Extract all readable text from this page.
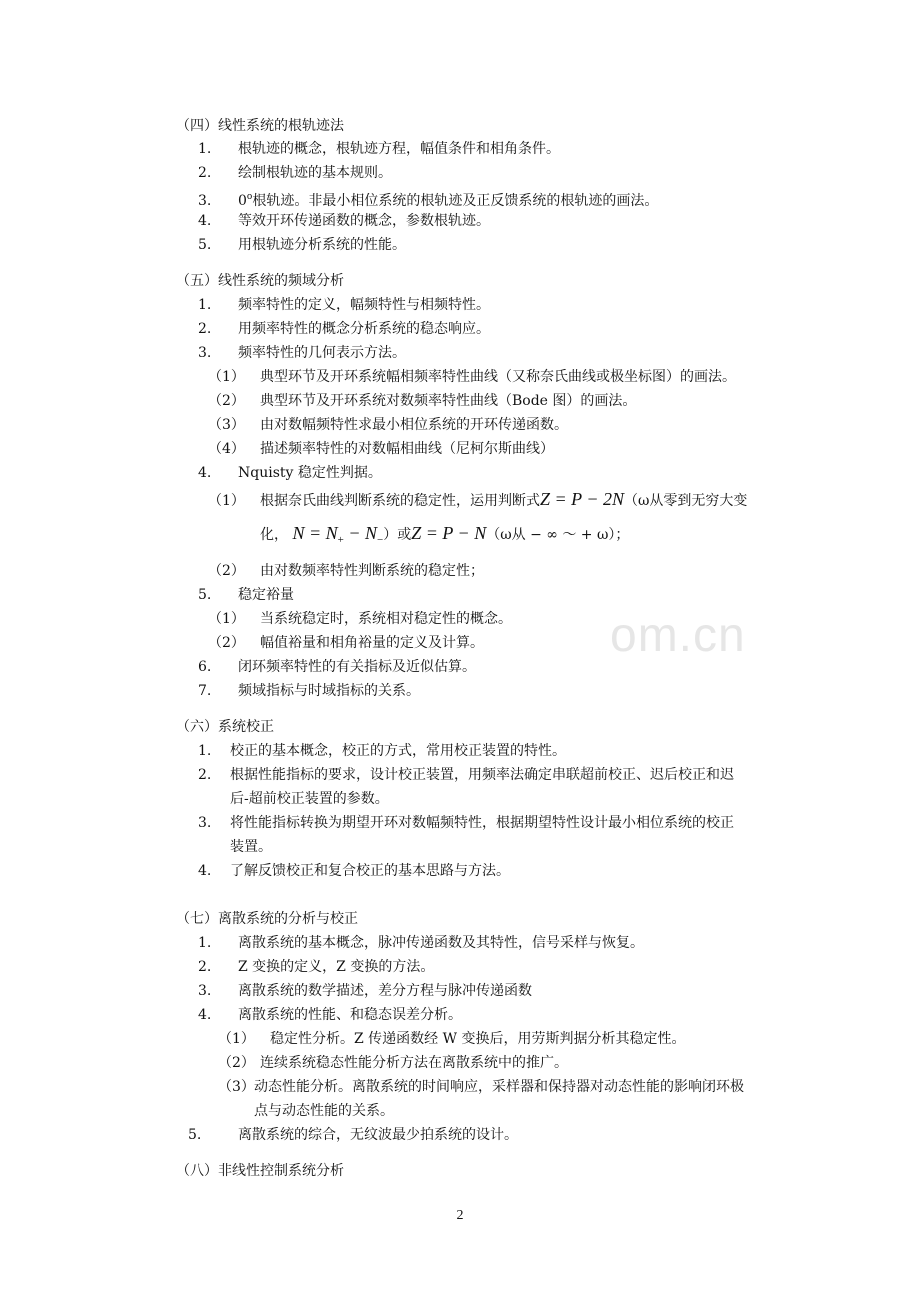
（四）线性系统的根轨迹法
1. 根轨迹的概念，根轨迹方程，幅值条件和相角条件。
2. 绘制根轨迹的基本规则。
3. 0$^o$根轨迹。非最小相位系统的根轨迹及正反馈系统的根轨迹的画法。
4. 等效开环传递函数的概念，参数根轨迹。
5. 用根轨迹分析系统的性能。
（五）线性系统的频域分析
1. 频率特性的定义，幅频特性与相频特性。
2. 用频率特性的概念分析系统的稳态响应。
3. 频率特性的几何表示方法。
（1） 典型环节及开环系统幅相频率特性曲线（又称奈氏曲线或极坐标图）的画法。
（2） 典型环节及开环系统对数频率特性曲线（Bode 图）的画法。
（3） 由对数幅频特性求最小相位系统的开环传递函数。
（4） 描述频率特性的对数幅相曲线（尼柯尔斯曲线）
4. Nquisty 稳定性判据。
（1） 根据奈氏曲线判断系统的稳定性，运用判断式Z = P − 2N（ω从零到无穷大变
化， $N = N_+ - N_-$）或Z = P − N（ω从 − ∞ ～ + ω）；
（2） 由对数频率特性判断系统的稳定性；
5. 稳定裕量
（1） 当系统稳定时，系统相对稳定性的概念。
（2） 幅值裕量和相角裕量的定义及计算。
6. 闭环频率特性的有关指标及近似估算。
7. 频域指标与时域指标的关系。
（六）系统校正
1. 校正的基本概念，校正的方式，常用校正装置的特性。
2. 根据性能指标的要求，设计校正装置，用频率法确定串联超前校正、迟后校正和迟
后-超前校正装置的参数。
3. 将性能指标转换为期望开环对数幅频特性，根据期望特性设计最小相位系统的校正
装置。
4. 了解反馈校正和复合校正的基本思路与方法。
（七）离散系统的分析与校正
1. 离散系统的基本概念，脉冲传递函数及其特性，信号采样与恢复。
2. Z 变换的定义，Z 变换的方法。
3. 离散系统的数学描述，差分方程与脉冲传递函数
4. 离散系统的性能、和稳态误差分析。
（1） 稳定性分析。Z 传递函数经 W 变换后，用劳斯判据分析其稳定性。
（2） 连续系统稳态性能分析方法在离散系统中的推广。
（3）动态性能分析。离散系统的时间响应，采样器和保持器对动态性能的影响闭环极
点与动态性能的关系。
5.	离散系统的综合，无纹波最少拍系统的设计。
（八）非线性控制系统分析
om.cn
2
